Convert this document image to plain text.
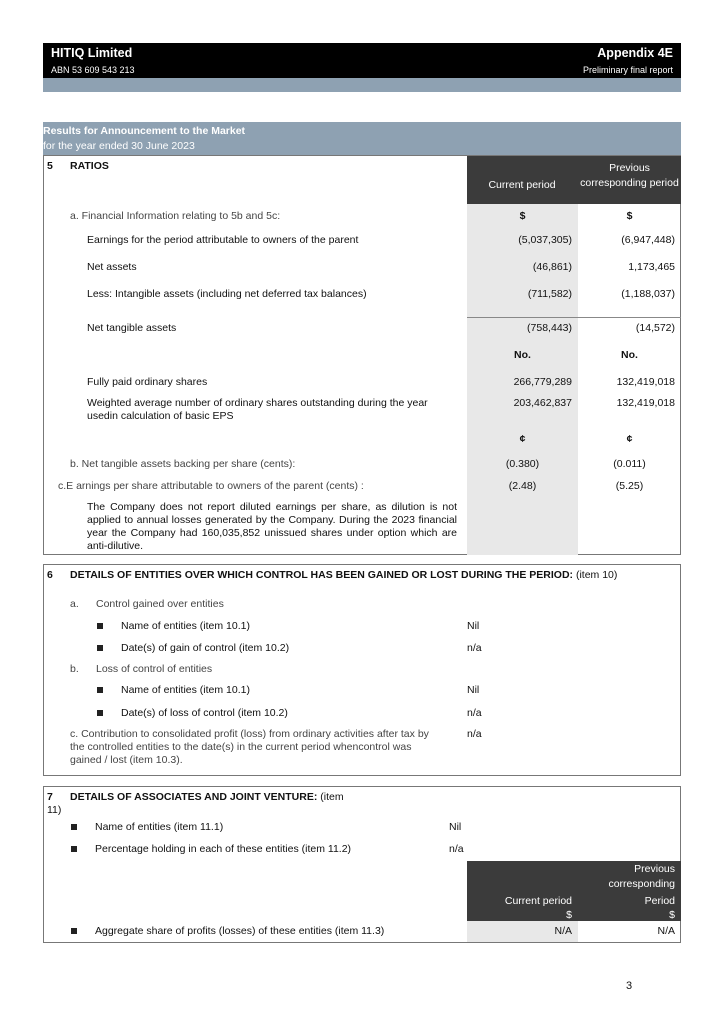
HITIQ Limited
ABN 53 609 543 213
Appendix 4E
Preliminary final report
Results for Announcement to the Market
for the year ended 30 June 2023
Current period
Previous corresponding period
5 RATIOS
a. Financial Information relating to 5b and 5c:	$	$
Earnings for the period attributable to owners of the parent	(5,037,305)	(6,947,448)
Net assets	(46,861)	1,173,465
Less: Intangible assets (including net deferred tax balances)	(711,582)	(1,188,037)
Net tangible assets	(758,443)	(14,572)
No.	No.
Fully paid ordinary shares	266,779,289	132,419,018
Weighted average number of ordinary shares outstanding during the year usedin calculation of basic EPS
203,462,837	132,419,018
¢	¢
b. Net tangible assets backing per share (cents):	(0.380)	(0.011)
c.E arnings per share attributable to owners of the parent (cents) :	(2.48)	(5.25)
The Company does not report diluted earnings per share, as dilution is not applied to annual losses generated by the Company. During the 2023 financial year the Company had 160,035,852 unissued shares under option which are anti-dilutive.
6 DETAILS OF ENTITIES OVER WHICH CONTROL HAS BEEN GAINED OR LOST DURING THE PERIOD: (item 10)
a. Control gained over entities
Name of entities (item 10.1)	Nil
Date(s) of gain of control (item 10.2)	n/a
b. Loss of control of entities
Name of entities (item 10.1)	Nil
Date(s) of loss of control (item 10.2)	n/a
c. Contribution to consolidated profit (loss) from ordinary activities after tax by the controlled entities to the date(s) in the current period whencontrol was gained / lost (item 10.3).
n/a
7 DETAILS OF ASSOCIATES AND JOINT VENTURE: (item
11)
Name of entities (item 11.1)	Nil
Percentage holding in each of these entities (item 11.2)	n/a
Current period
$
Previous
corresponding
Period
$
Aggregate share of profits (losses) of these entities (item 11.3)	N/A	N/A
3
